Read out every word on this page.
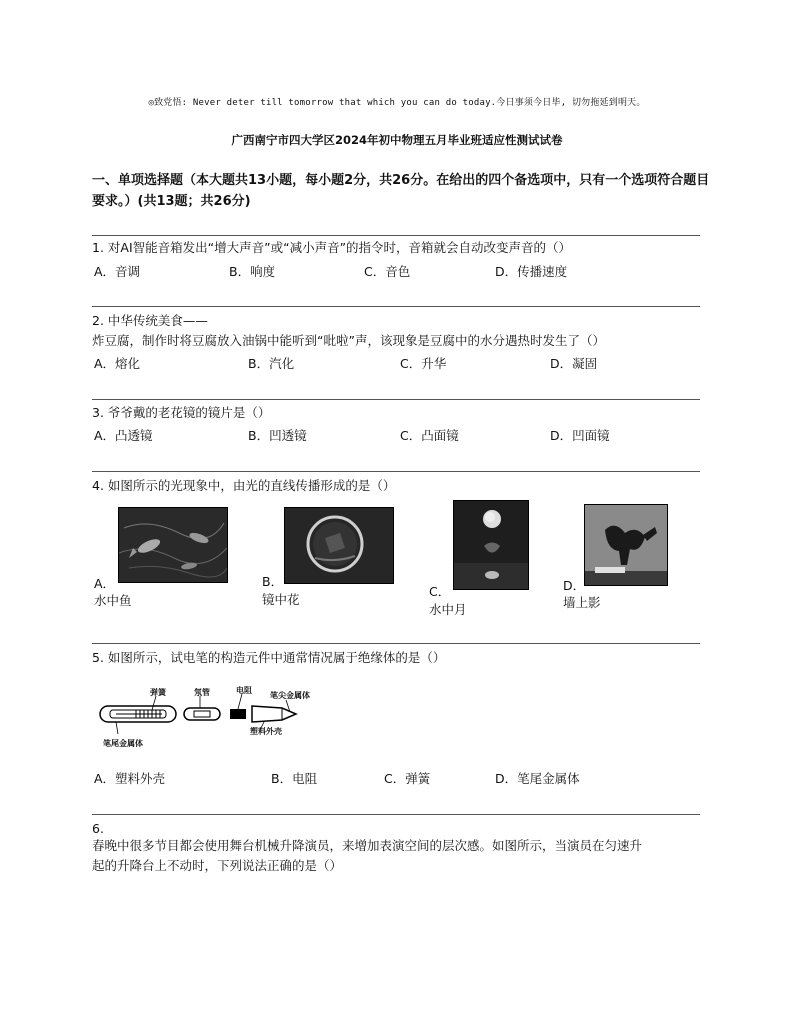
◎致党悟: Never deter till tomorrow that which you can do today.今日事须今日毕, 切勿拖延到明天。
广西南宁市四大学区2024年初中物理五月毕业班适应性测试试卷
一、单项选择题（本大题共13小题，每小题2分，共26分。在给出的四个备选项中，只有一个选项符合题目要求。）(共13题；共26分)
1. 对AI智能音箱发出“增大声音”或“减小声音”的指令时，音箱就会自动改变声音的（）
A．音调	B．响度	C．音色	D．传播速度
2. 中华传统美食——
炸豆腐，制作时将豆腐放入油锅中能听到“吡啦”声，该现象是豆腐中的水分遇热时发生了（）
A．熔化	B．汽化	C．升华	D．凝固
3. 爷爷戴的老花镜的镜片是（）
A．凸透镜	B．凹透镜	C．凸面镜	D．凹面镜
4. 如图所示的光现象中，由光的直线传播形成的是（）
A．
水中鱼
B．
镜中花
C．
水中月
D．
墙上影
5. 如图所示，试电笔的构造元件中通常情况属于绝缘体的是（）
弹簧	氖管	电阻
笔尖金属体
笔尾金属体
塑料外壳
A．塑料外壳	B．电阻	C．弹簧	D．笔尾金属体
6.
春晚中很多节目都会使用舞台机械升降演员，来增加表演空间的层次感。如图所示，当演员在匀速升
起的升降台上不动时，下列说法正确的是（）
